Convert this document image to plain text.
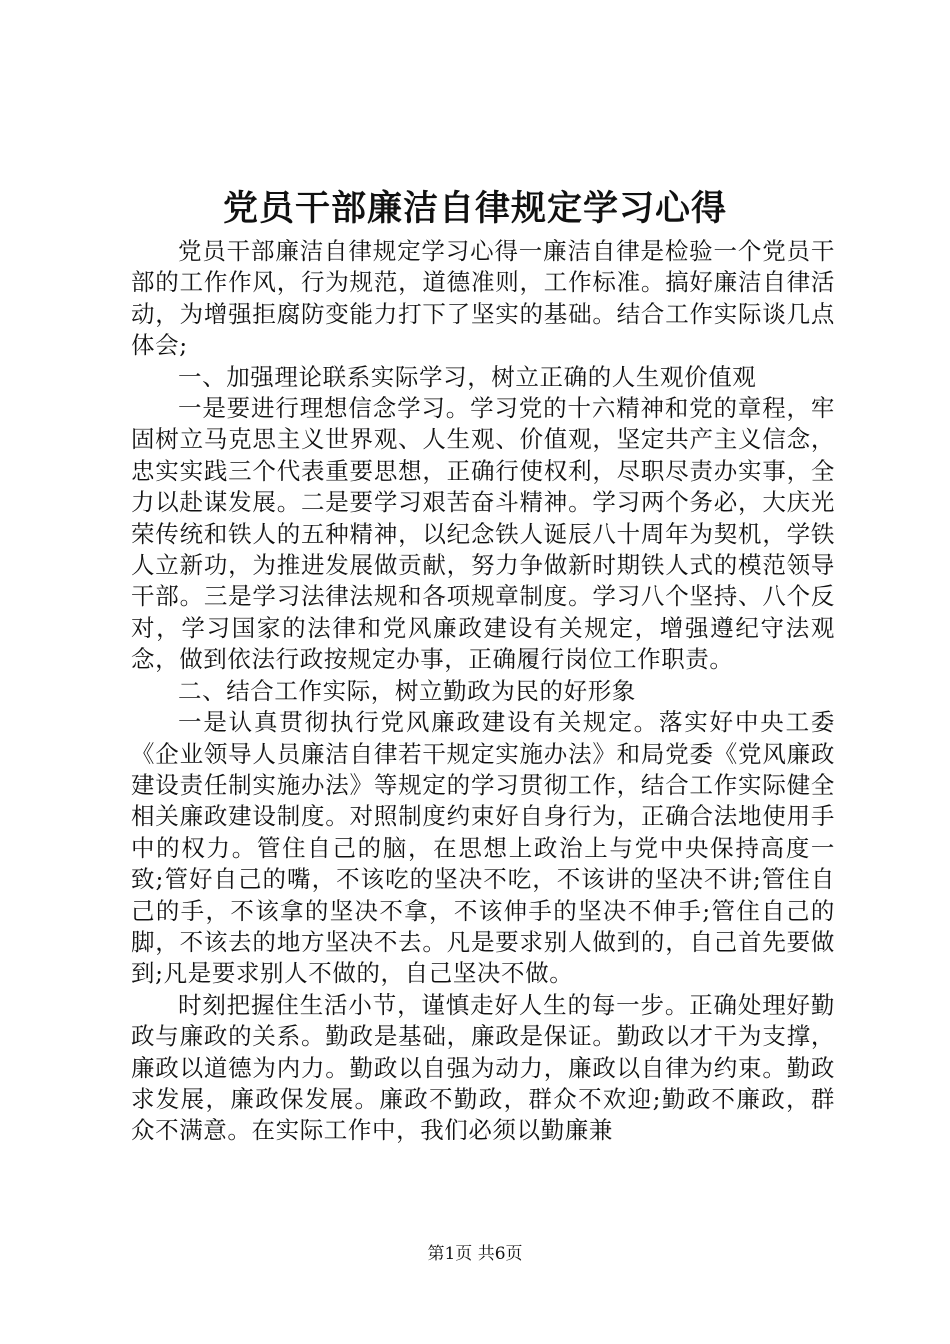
党员干部廉洁自律规定学习心得

党员干部廉洁自律规定学习心得一廉洁自律是检验一个党员干部的工作作风，行为规范，道德准则，工作标准。搞好廉洁自律活动，为增强拒腐防变能力打下了坚实的基础。结合工作实际谈几点体会;

一、加强理论联系实际学习，树立正确的人生观价值观

一是要进行理想信念学习。学习党的十六精神和党的章程，牢固树立马克思主义世界观、人生观、价值观，坚定共产主义信念，忠实实践三个代表重要思想，正确行使权利，尽职尽责办实事，全力以赴谋发展。二是要学习艰苦奋斗精神。学习两个务必，大庆光荣传统和铁人的五种精神，以纪念铁人诞辰八十周年为契机，学铁人立新功，为推进发展做贡献，努力争做新时期铁人式的模范领导干部。三是学习法律法规和各项规章制度。学习八个坚持、八个反对，学习国家的法律和党风廉政建设有关规定，增强遵纪守法观念，做到依法行政按规定办事，正确履行岗位工作职责。

二、结合工作实际，树立勤政为民的好形象

一是认真贯彻执行党风廉政建设有关规定。落实好中央工委《企业领导人员廉洁自律若干规定实施办法》和局党委《党风廉政建设责任制实施办法》等规定的学习贯彻工作，结合工作实际健全相关廉政建设制度。对照制度约束好自身行为，正确合法地使用手中的权力。管住自己的脑，在思想上政治上与党中央保持高度一致;管好自己的嘴，不该吃的坚决不吃，不该讲的坚决不讲;管住自己的手，不该拿的坚决不拿，不该伸手的坚决不伸手;管住自己的脚，不该去的地方坚决不去。凡是要求别人做到的，自己首先要做到;凡是要求别人不做的，自己坚决不做。

时刻把握住生活小节，谨慎走好人生的每一步。正确处理好勤政与廉政的关系。勤政是基础，廉政是保证。勤政以才干为支撑，廉政以道德为内力。勤政以自强为动力，廉政以自律为约束。勤政求发展，廉政保发展。廉政不勤政，群众不欢迎;勤政不廉政，群众不满意。在实际工作中，我们必须以勤廉兼

第1页 共6页
